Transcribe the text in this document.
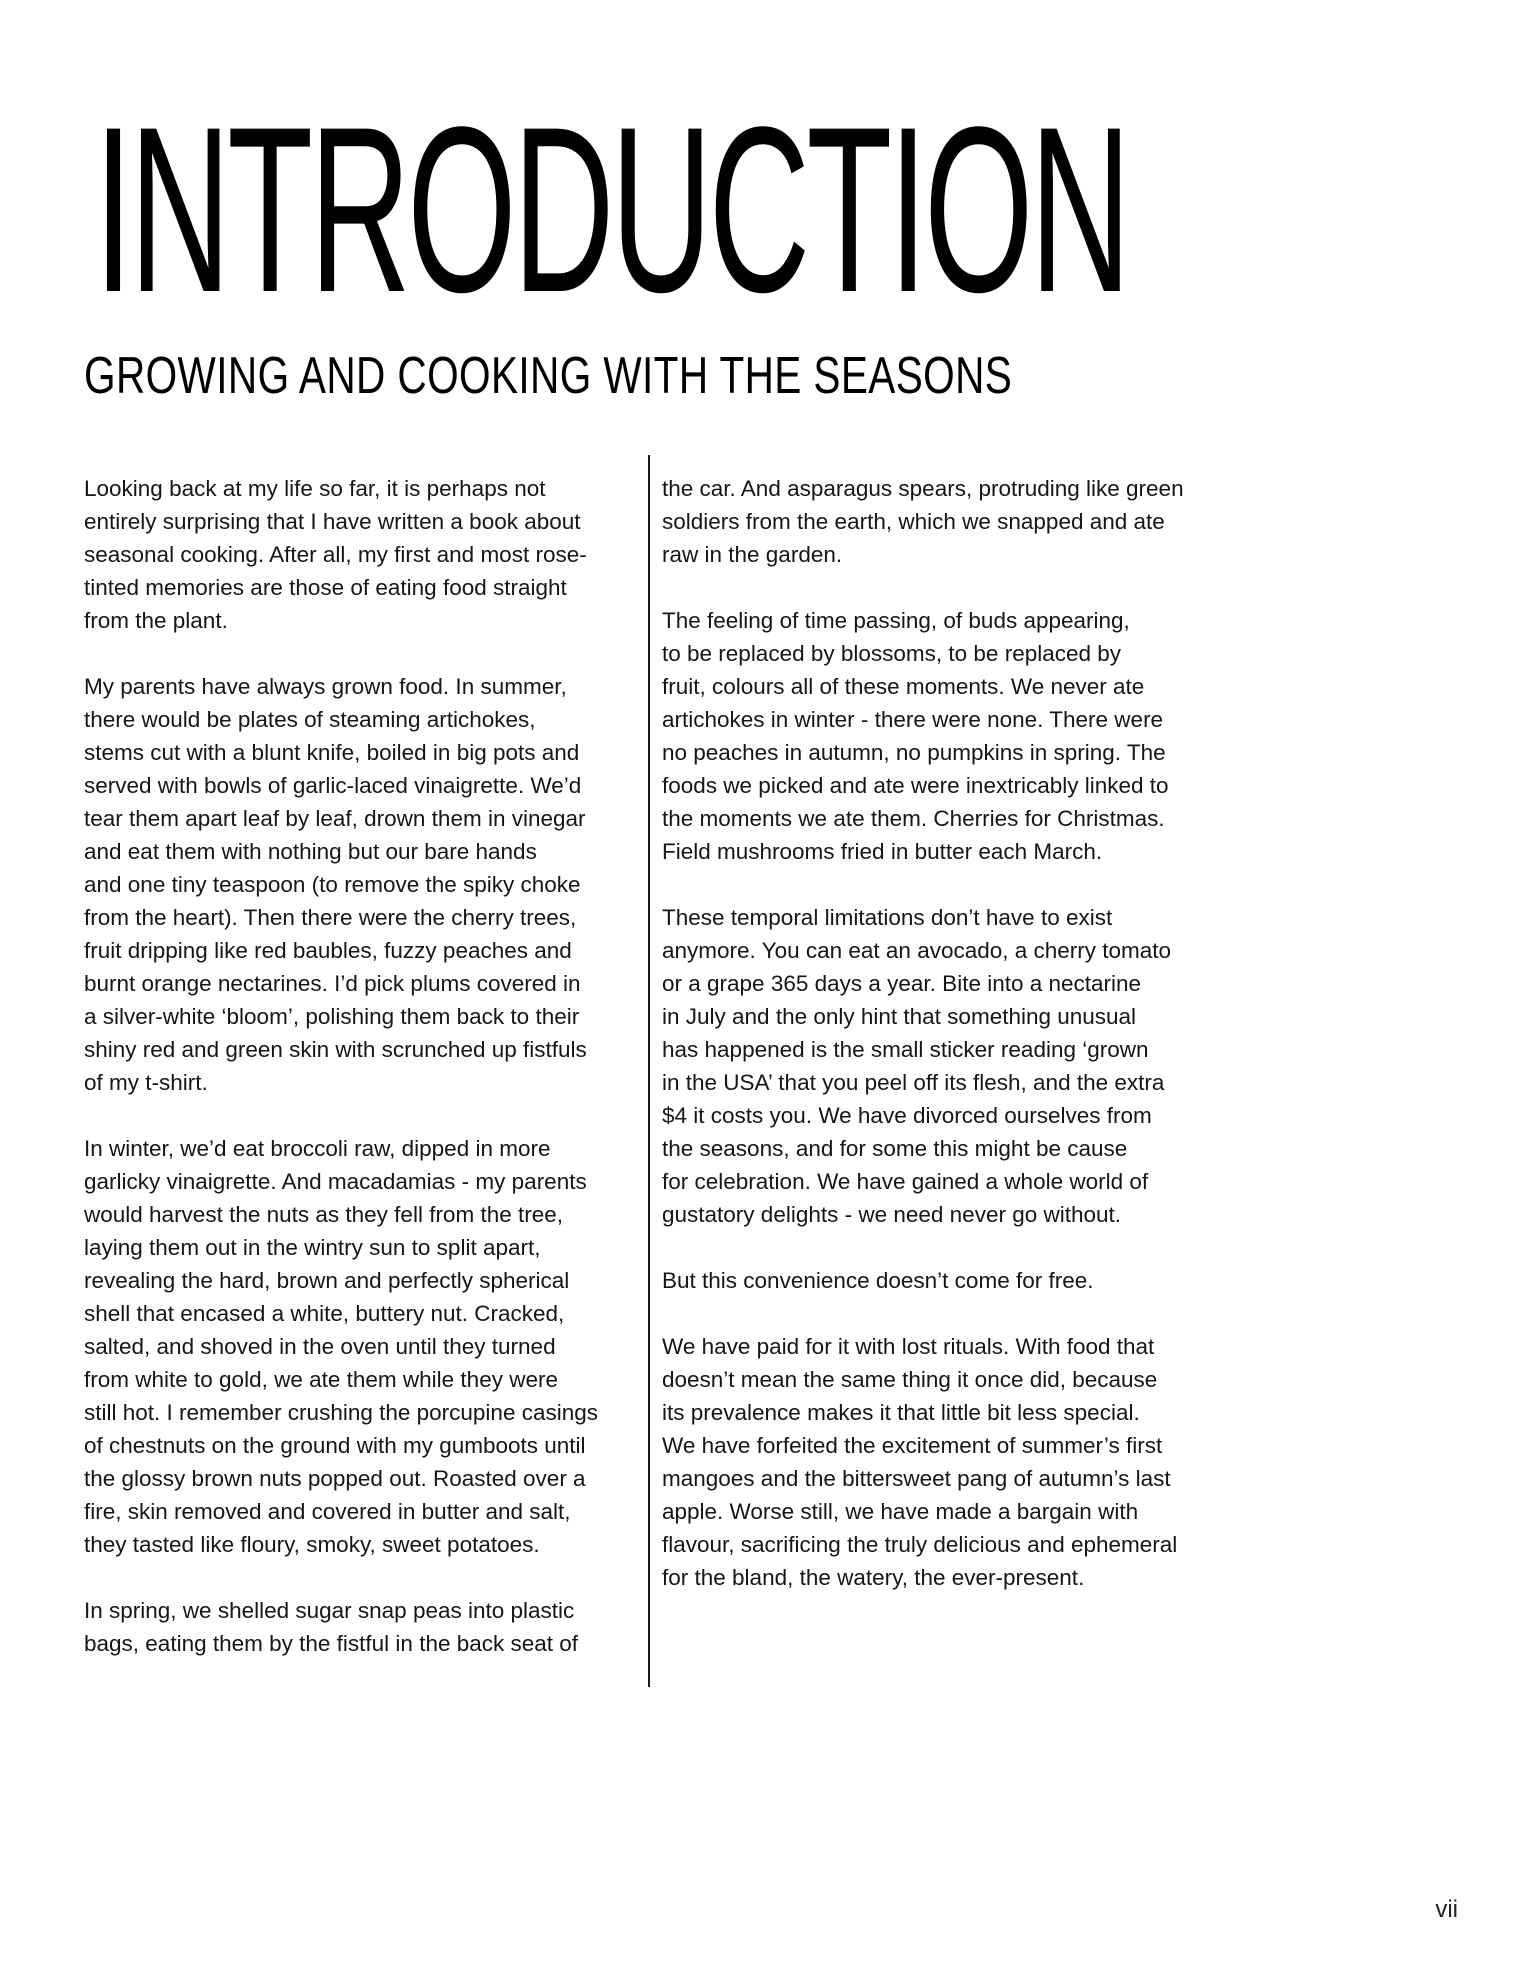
INTRODUCTION
GROWING AND COOKING WITH THE SEASONS

Looking back at my life so far, it is perhaps not
entirely surprising that I have written a book about
seasonal cooking. After all, my first and most rose-
tinted memories are those of eating food straight
from the plant.

My parents have always grown food. In summer,
there would be plates of steaming artichokes,
stems cut with a blunt knife, boiled in big pots and
served with bowls of garlic-laced vinaigrette. We’d
tear them apart leaf by leaf, drown them in vinegar
and eat them with nothing but our bare hands
and one tiny teaspoon (to remove the spiky choke
from the heart). Then there were the cherry trees,
fruit dripping like red baubles, fuzzy peaches and
burnt orange nectarines. I’d pick plums covered in
a silver-white ‘bloom’, polishing them back to their
shiny red and green skin with scrunched up fistfuls
of my t-shirt.

In winter, we’d eat broccoli raw, dipped in more
garlicky vinaigrette. And macadamias - my parents
would harvest the nuts as they fell from the tree,
laying them out in the wintry sun to split apart,
revealing the hard, brown and perfectly spherical
shell that encased a white, buttery nut. Cracked,
salted, and shoved in the oven until they turned
from white to gold, we ate them while they were
still hot. I remember crushing the porcupine casings
of chestnuts on the ground with my gumboots until
the glossy brown nuts popped out. Roasted over a
fire, skin removed and covered in butter and salt,
they tasted like floury, smoky, sweet potatoes.

In spring, we shelled sugar snap peas into plastic
bags, eating them by the fistful in the back seat of

the car. And asparagus spears, protruding like green
soldiers from the earth, which we snapped and ate
raw in the garden.

The feeling of time passing, of buds appearing,
to be replaced by blossoms, to be replaced by
fruit, colours all of these moments. We never ate
artichokes in winter - there were none. There were
no peaches in autumn, no pumpkins in spring. The
foods we picked and ate were inextricably linked to
the moments we ate them. Cherries for Christmas.
Field mushrooms fried in butter each March.

These temporal limitations don’t have to exist
anymore. You can eat an avocado, a cherry tomato
or a grape 365 days a year. Bite into a nectarine
in July and the only hint that something unusual
has happened is the small sticker reading ‘grown
in the USA’ that you peel off its flesh, and the extra
$4 it costs you. We have divorced ourselves from
the seasons, and for some this might be cause
for celebration. We have gained a whole world of
gustatory delights - we need never go without.

But this convenience doesn’t come for free.

We have paid for it with lost rituals. With food that
doesn’t mean the same thing it once did, because
its prevalence makes it that little bit less special.
We have forfeited the excitement of summer’s first
mangoes and the bittersweet pang of autumn’s last
apple. Worse still, we have made a bargain with
flavour, sacrificing the truly delicious and ephemeral
for the bland, the watery, the ever-present.

vii
